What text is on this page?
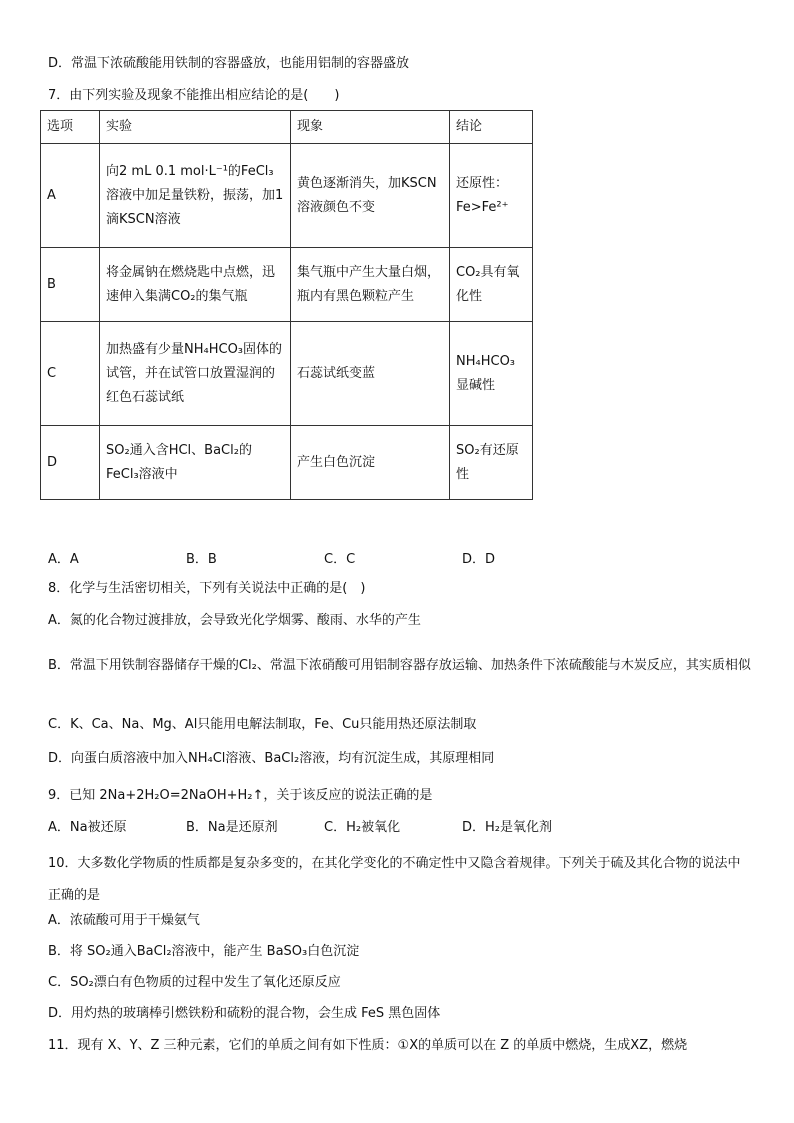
D．常温下浓硫酸能用铁制的容器盛放，也能用铝制的容器盛放
7．由下列实验及现象不能推出相应结论的是(　　)
选项	实验	现象	结论
A	向2 mL 0.1 mol·L⁻¹的FeCl₃溶液中加足量铁粉，振荡，加1滴KSCN溶液	黄色逐渐消失，加KSCN溶液颜色不变	还原性：Fe>Fe²⁺
B	将金属钠在燃烧匙中点燃，迅速伸入集满CO₂的集气瓶	集气瓶中产生大量白烟，瓶内有黑色颗粒产生	CO₂具有氧化性
C	加热盛有少量NH₄HCO₃固体的试管，并在试管口放置湿润的红色石蕊试纸	石蕊试纸变蓝	NH₄HCO₃显碱性
D	SO₂通入含HCl、BaCl₂的FeCl₃溶液中	产生白色沉淀	SO₂有还原性
A．A	B．B	C．C	D．D
8．化学与生活密切相关，下列有关说法中正确的是(　)
A．氮的化合物过渡排放，会导致光化学烟雾、酸雨、水华的产生
B．常温下用铁制容器储存干燥的Cl₂、常温下浓硝酸可用铝制容器存放运输、加热条件下浓硫酸能与木炭反应，其实质相似
C．K、Ca、Na、Mg、Al只能用电解法制取，Fe、Cu只能用热还原法制取
D．向蛋白质溶液中加入NH₄Cl溶液、BaCl₂溶液，均有沉淀生成，其原理相同
9．已知 2Na+2H₂O=2NaOH+H₂↑，关于该反应的说法正确的是
A．Na被还原	B．Na是还原剂	C．H₂被氧化	D．H₂是氧化剂
10．大多数化学物质的性质都是复杂多变的，在其化学变化的不确定性中又隐含着规律。下列关于硫及其化合物的说法中正确的是
A．浓硫酸可用于干燥氨气
B．将 SO₂通入BaCl₂溶液中，能产生 BaSO₃白色沉淀
C．SO₂漂白有色物质的过程中发生了氧化还原反应
D．用灼热的玻璃棒引燃铁粉和硫粉的混合物，会生成 FeS 黑色固体
11．现有 X、Y、Z 三种元素，它们的单质之间有如下性质：①X的单质可以在 Z 的单质中燃烧，生成XZ，燃烧
